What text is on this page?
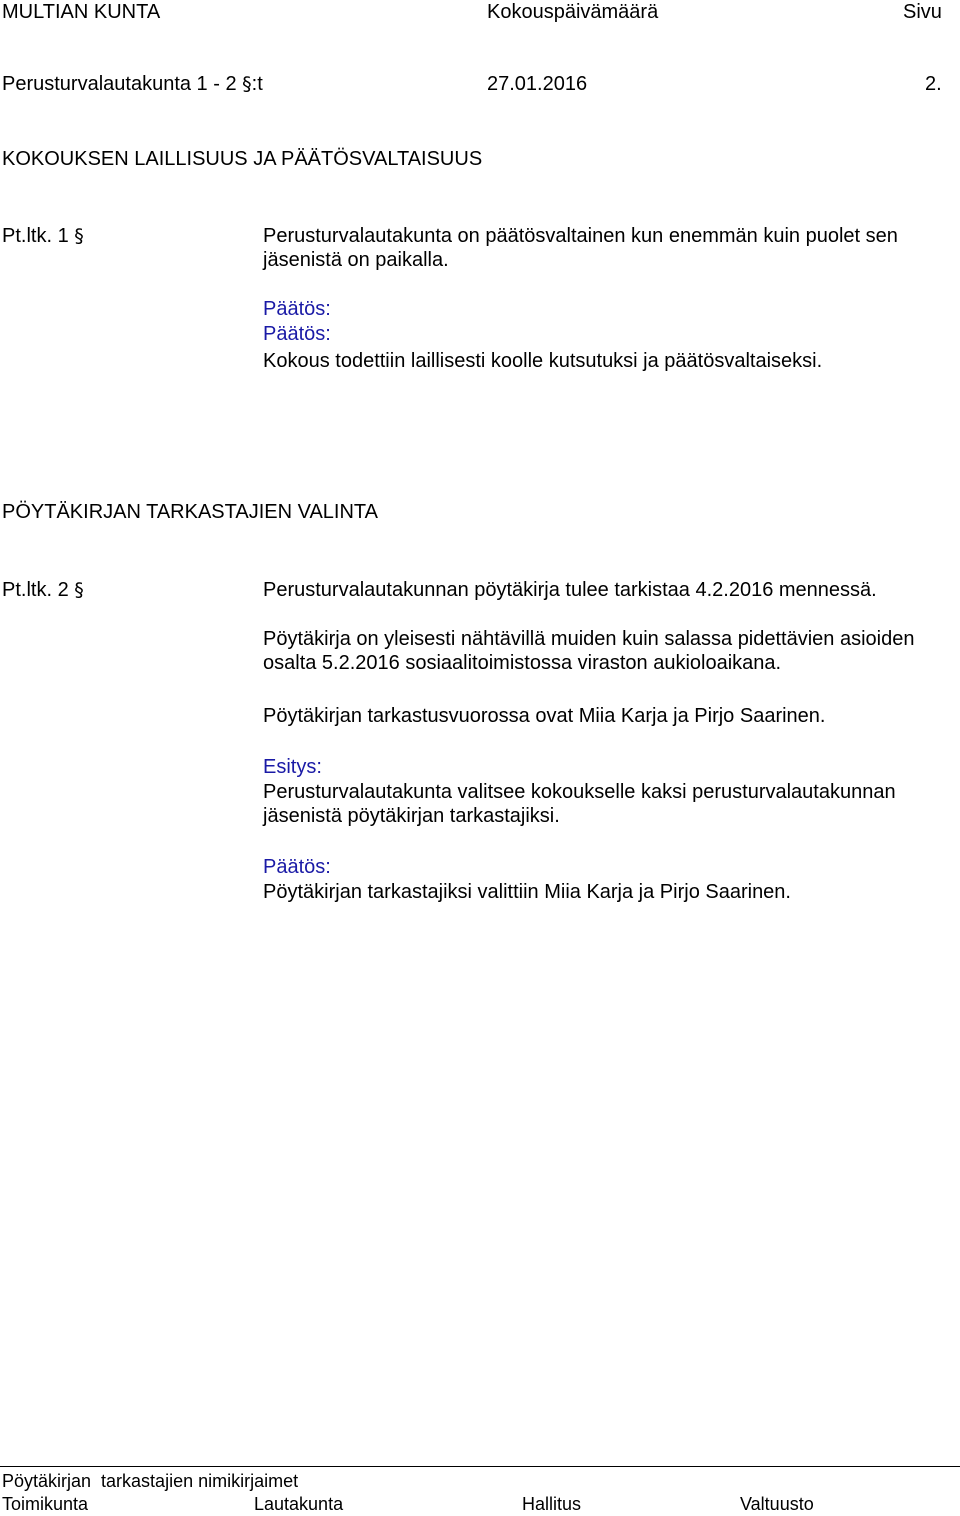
MULTIAN KUNTA	Kokouspäivämäärä	Sivu
Perusturvalautakunta 1 - 2 §:t	27.01.2016	2.
KOKOUKSEN LAILLISUUS JA PÄÄTÖSVALTAISUUS
Pt.ltk. 1 §	Perusturvalautakunta on päätösvaltainen kun enemmän kuin puolet sen jäsenistä on paikalla.
Päätös:
Päätös:
Kokous todettiin laillisesti koolle kutsutuksi ja päätösvaltaiseksi.
PÖYTÄKIRJAN TARKASTAJIEN VALINTA
Pt.ltk. 2 §	Perusturvalautakunnan pöytäkirja tulee tarkistaa 4.2.2016 mennessä.
Pöytäkirja on yleisesti nähtävillä muiden kuin salassa pidettävien asioiden osalta 5.2.2016 sosiaalitoimistossa viraston aukioloaikana.
Pöytäkirjan tarkastusvuorossa ovat Miia Karja ja Pirjo Saarinen.
Esitys:
Perusturvalautakunta valitsee kokoukselle kaksi perusturvalautakunnan jäsenistä pöytäkirjan tarkastajiksi.
Päätös:
Pöytäkirjan tarkastajiksi valittiin Miia Karja ja Pirjo Saarinen.
Pöytäkirjan  tarkastajien nimikirjaimet
Toimikunta	Lautakunta	Hallitus	Valtuusto
